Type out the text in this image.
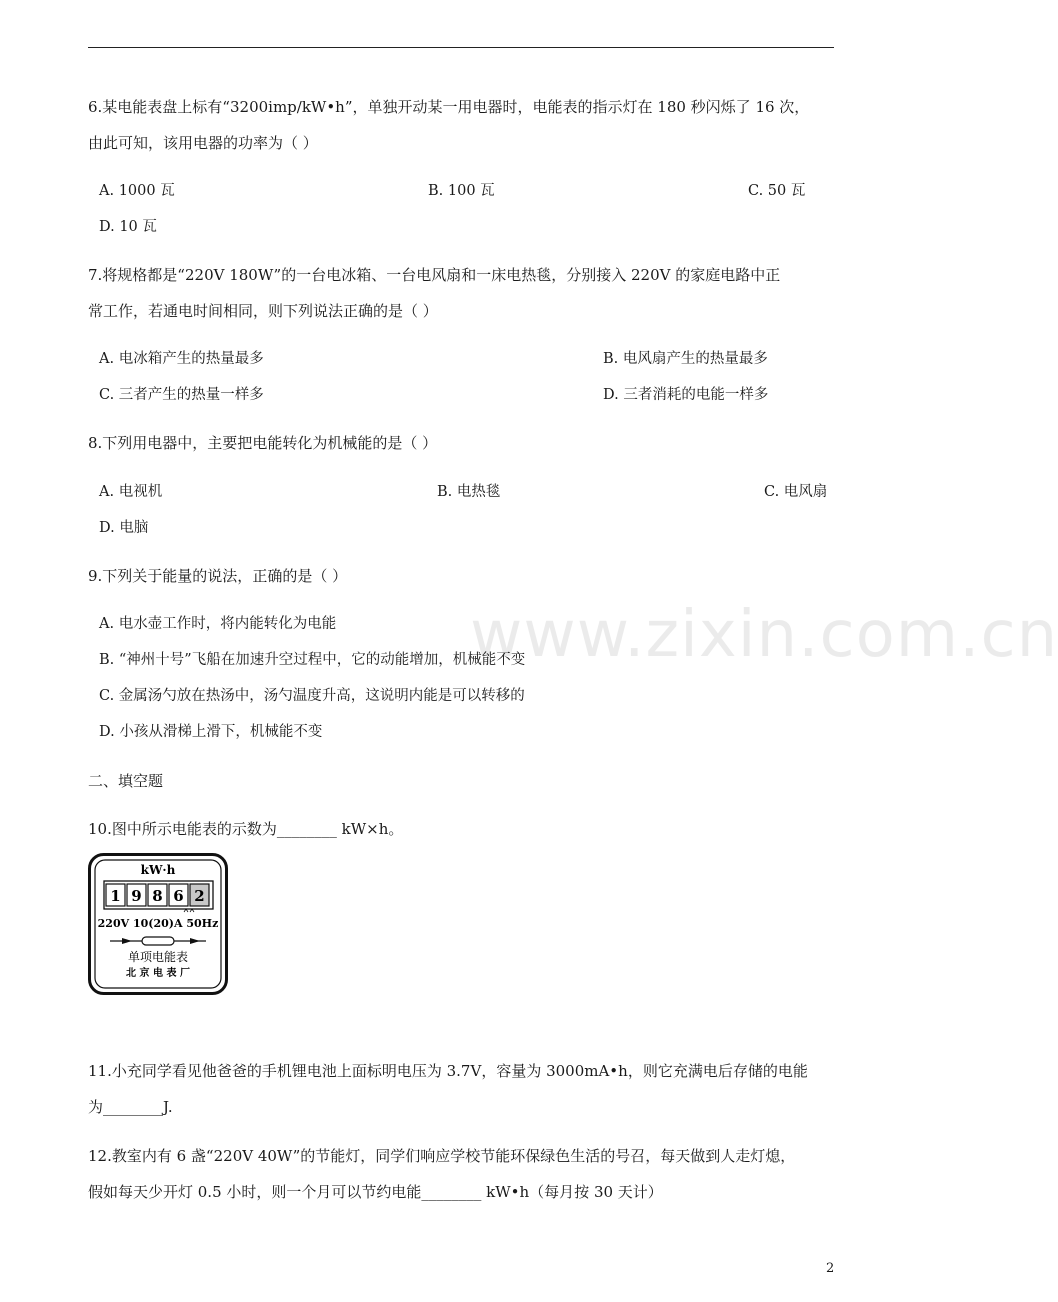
www.zixin.com.cn
6.某电能表盘上标有“3200imp/kW•h”，单独开动某一用电器时，电能表的指示灯在 180 秒闪烁了 16 次，
由此可知，该用电器的功率为（ ）
A. 1000 瓦	B. 100 瓦	C. 50 瓦
D. 10 瓦
7.将规格都是“220V 180W”的一台电冰箱、一台电风扇和一床电热毯，分别接入 220V 的家庭电路中正
常工作，若通电时间相同，则下列说法正确的是（ ）
A. 电冰箱产生的热量最多	B. 电风扇产生的热量最多
C. 三者产生的热量一样多	D. 三者消耗的电能一样多
8.下列用电器中，主要把电能转化为机械能的是（ ）
A. 电视机	B. 电热毯	C. 电风扇
D. 电脑
9.下列关于能量的说法，正确的是（ ）
A. 电水壶工作时，将内能转化为电能
B. “神州十号”飞船在加速升空过程中，它的动能增加，机械能不变
C. 金属汤勺放在热汤中，汤勺温度升高，这说明内能是可以转移的
D. 小孩从滑梯上滑下，机械能不变
二、填空题
10.图中所示电能表的示数为________ kW×h。
kW·h
1 9 8 6 2
220V 10(20)A 50Hz
单项电能表
北 京 电 表 厂
11.小充同学看见他爸爸的手机锂电池上面标明电压为 3.7V，容量为 3000mA•h，则它充满电后存储的电能
为________J.
12.教室内有 6 盏“220V 40W”的节能灯，同学们响应学校节能环保绿色生活的号召，每天做到人走灯熄，
假如每天少开灯 0.5 小时，则一个月可以节约电能________ kW•h（每月按 30 天计）
2
